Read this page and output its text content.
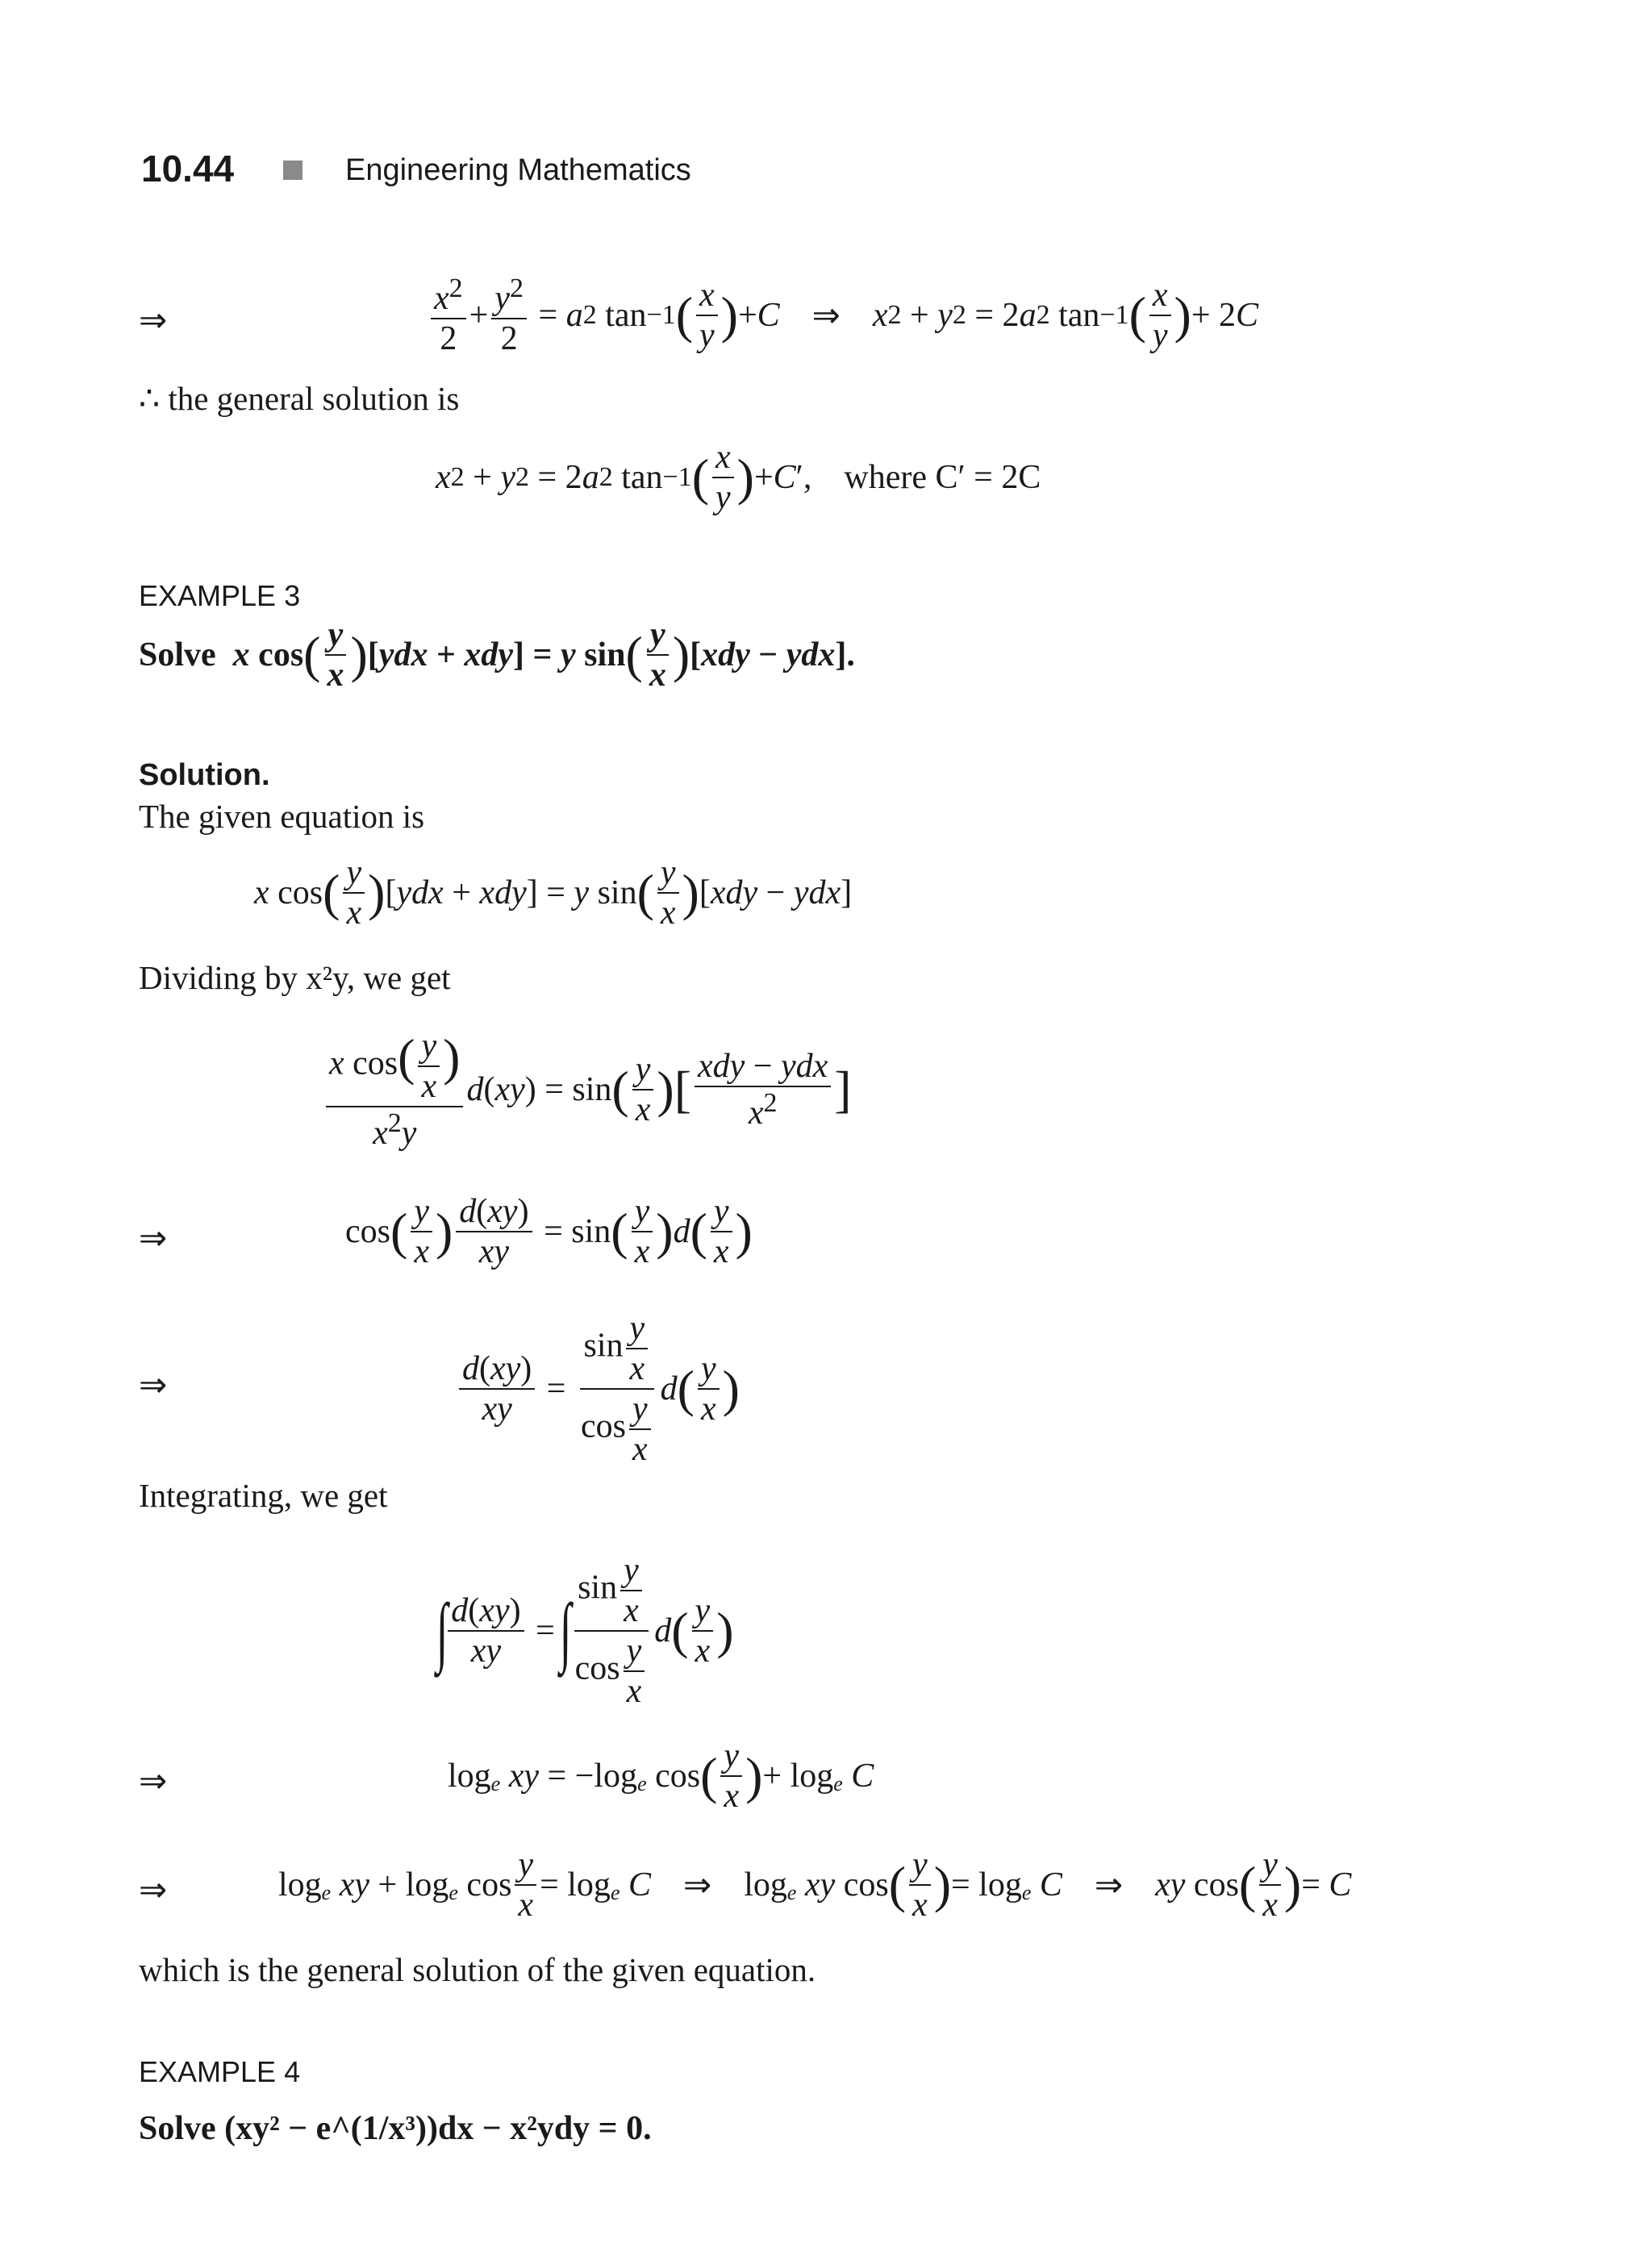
10.44	Engineering Mathematics
⇒	$\frac{x^2}{2} + \frac{y^2}{2} = a$ 2 tan −1 ( $\frac{x}{y}$ ) + C ⇒ x 2 + y 2 = 2 a 2 tan −1 ( $\frac{x}{y}$ ) + 2 C
∴ the general solution is
x 2 + y 2 = 2 a 2 tan −1 ( $\frac{x}{y}$ ) + C ′, where C′ = 2C
EXAMPLE 3
Solve
x cos ( $\frac{y}{x}$ ) [ ydx + xdy ] = y sin ( $\frac{y}{x}$ ) [ xdy − ydx ].
Solution.
The given equation is
x cos ( $\frac{y}{x}$ ) [ ydx + xdy ] = y sin ( $\frac{y}{x}$ ) [ xdy − ydx ]
Dividing by x²y, we get
$\frac{x \cos( \frac{y}{x} )}{x^2y}$ d ( xy ) = sin ( $\frac{y}{x}$ ) [ $\frac{\text{xdy − ydx}}{x^2}$ ]
⇒	cos ( $\frac{y}{x}$ ) $\frac{d(xy)}{xy} = \sin$ ( $\frac{y}{x}$ ) d ( $\frac{y}{x}$ )
⇒	$\frac{d(xy)}{xy} = \frac{\sin \frac{y}{x}}{\cos \frac{y}{x}}$ d ( $\frac{y}{x}$ )
Integrating, we get
∫ $\frac{d(xy)}{xy}$ =
∫ $\frac{\sin \frac{y}{x}}{\cos \frac{y}{x}}$ d ( $\frac{y}{x}$ )
⇒	log e
xy = −log e cos ( $\frac{y}{x}$ ) + log e
C
⇒	log e
xy + log e $\cos \frac{y}{x} = \log e$
C ⇒
log e
xy cos ( $\frac{y}{x}$ ) = log e
C ⇒ xy cos ( $\frac{y}{x}$ ) = C
which is the general solution of the given equation.
EXAMPLE 4
Solve (xy² − e^(1/x³))dx − x²ydy = 0.
